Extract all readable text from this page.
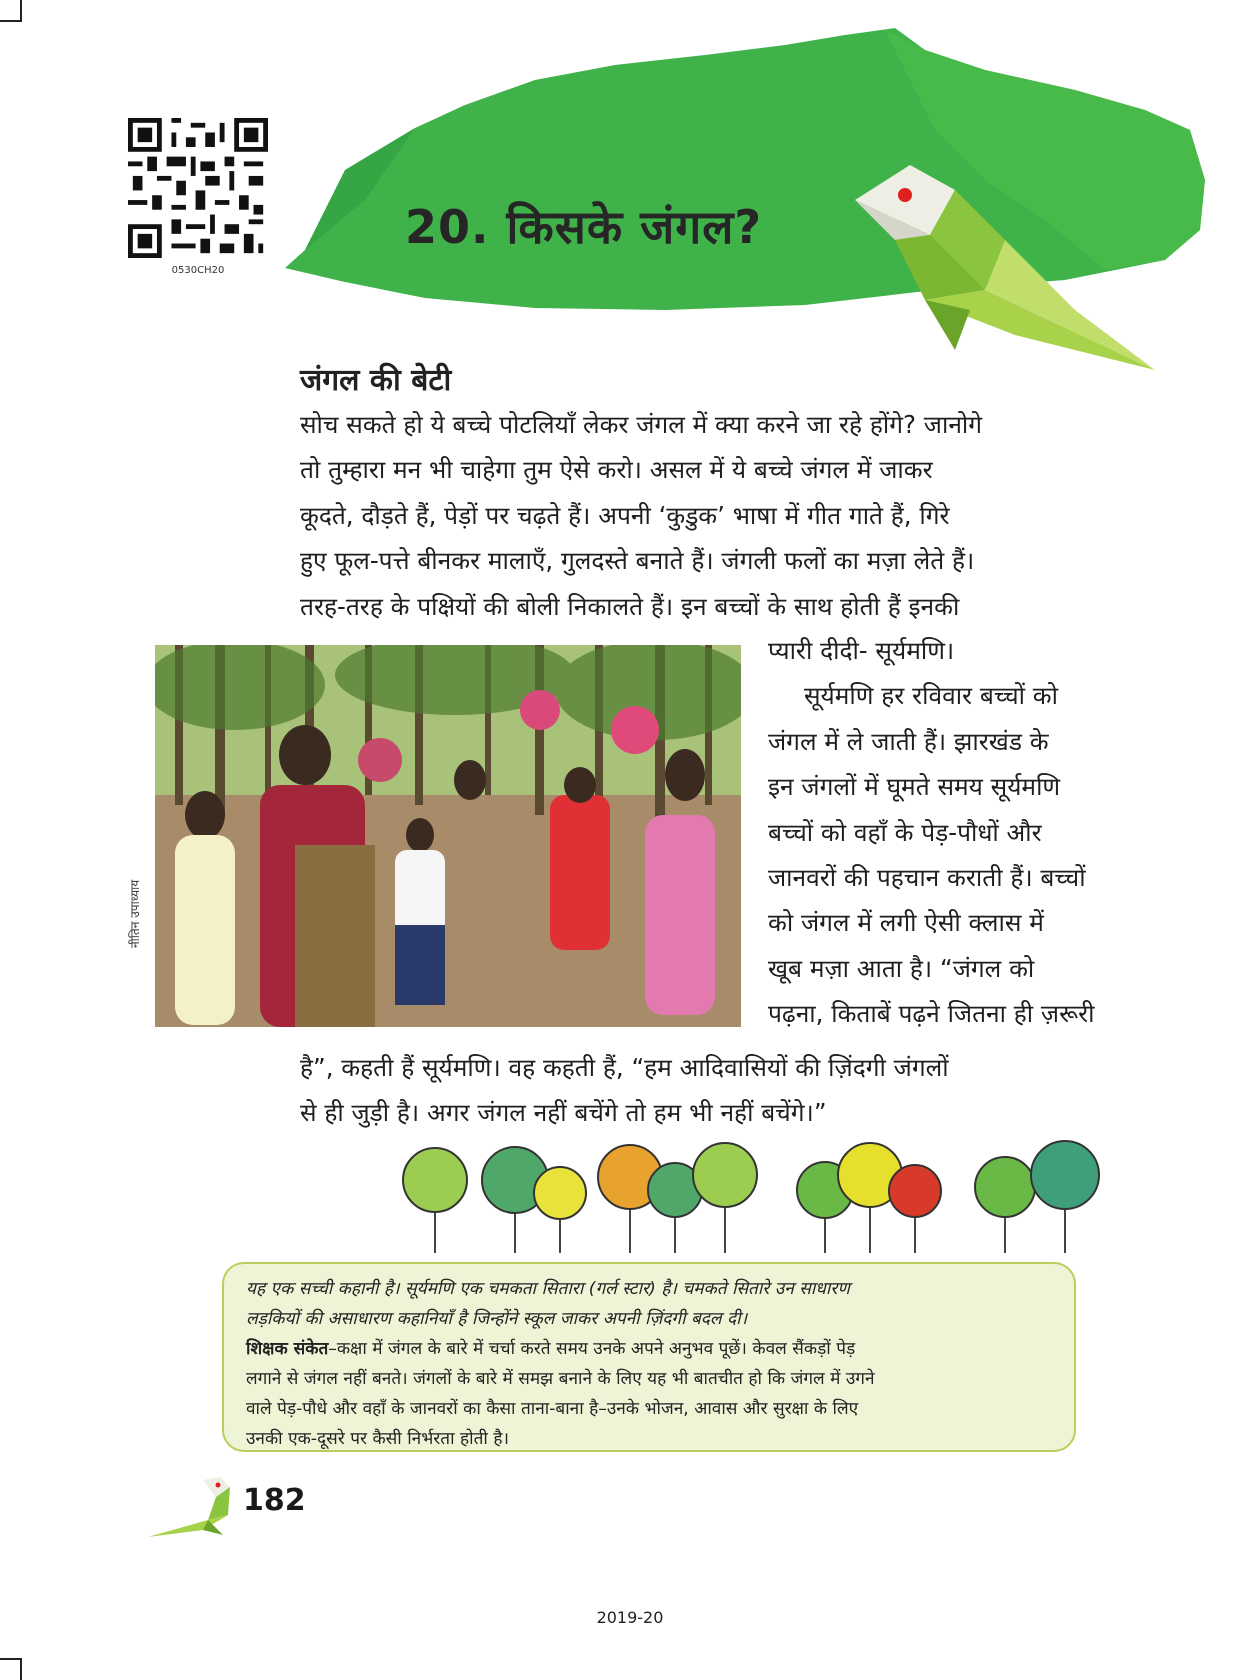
0530CH20
20. किसके जंगल?
जंगल की बेटी
सोच सकते हो ये बच्चे पोटलियाँ लेकर जंगल में क्या करने जा रहे होंगे? जानोगे
तो तुम्हारा मन भी चाहेगा तुम ऐसे करो। असल में ये बच्चे जंगल में जाकर
कूदते, दौड़ते हैं, पेड़ों पर चढ़ते हैं। अपनी ‘कुडुक’ भाषा में गीत गाते हैं, गिरे
हुए फूल-पत्ते बीनकर मालाएँ, गुलदस्ते बनाते हैं। जंगली फलों का मज़ा लेते हैं।
तरह-तरह के पक्षियों की बोली निकालते हैं। इन बच्चों के साथ होती हैं इनकी
नीतिन उपाध्याय
प्यारी दीदी- सूर्यमणि।
सूर्यमणि हर रविवार बच्चों को
जंगल में ले जाती हैं। झारखंड के
इन जंगलों में घूमते समय सूर्यमणि
बच्चों को वहाँ के पेड़-पौधों और
जानवरों की पहचान कराती हैं। बच्चों
को जंगल में लगी ऐसी क्लास में
खूब मज़ा आता है। “जंगल को
पढ़ना, किताबें पढ़ने जितना ही ज़रूरी
है”, कहती हैं सूर्यमणि। वह कहती हैं, “हम आदिवासियों की ज़िंदगी जंगलों
से ही जुड़ी है। अगर जंगल नहीं बचेंगे तो हम भी नहीं बचेंगे।”
यह एक सच्ची कहानी है। सूर्यमणि एक चमकता सितारा (गर्ल स्टार) है। चमकते सितारे उन साधारण
लड़कियों की असाधारण कहानियाँ है जिन्होंने स्कूल जाकर अपनी ज़िंदगी बदल दी।
शिक्षक संकेत–कक्षा में जंगल के बारे में चर्चा करते समय उनके अपने अनुभव पूछें। केवल सैंकड़ों पेड़
लगाने से जंगल नहीं बनते। जंगलों के बारे में समझ बनाने के लिए यह भी बातचीत हो कि जंगल में उगने
वाले पेड़-पौधे और वहाँ के जानवरों का कैसा ताना-बाना है–उनके भोजन, आवास और सुरक्षा के लिए
उनकी एक-दूसरे पर कैसी निर्भरता होती है।
182
2019-20
